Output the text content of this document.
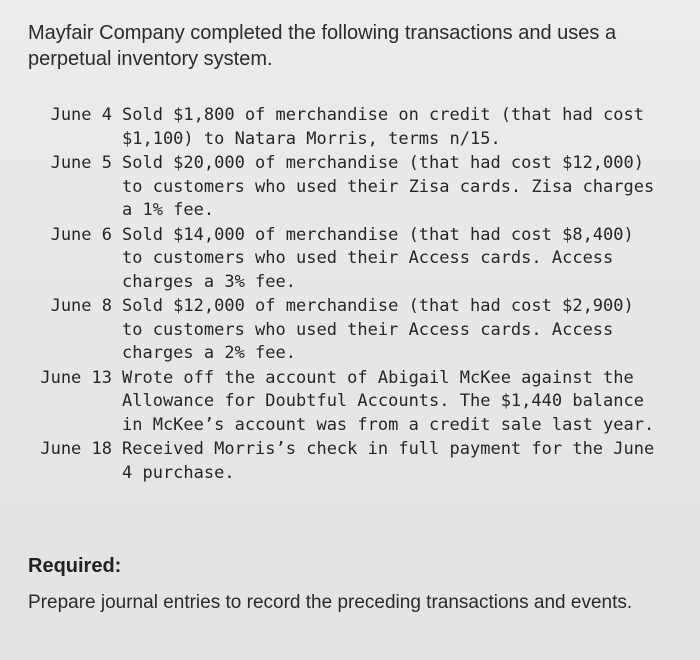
Mayfair Company completed the following transactions and uses a perpetual inventory system.
June 4 Sold $1,800 of merchandise on credit (that had cost $1,100) to Natara Morris, terms n/15.
June 5 Sold $20,000 of merchandise (that had cost $12,000) to customers who used their Zisa cards. Zisa charges a 1% fee.
June 6 Sold $14,000 of merchandise (that had cost $8,400) to customers who used their Access cards. Access charges a 3% fee.
June 8 Sold $12,000 of merchandise (that had cost $2,900) to customers who used their Access cards. Access charges a 2% fee.
June 13 Wrote off the account of Abigail McKee against the Allowance for Doubtful Accounts. The $1,440 balance in McKee’s account was from a credit sale last year.
June 18 Received Morris’s check in full payment for the June 4 purchase.
Required:
Prepare journal entries to record the preceding transactions and events.
